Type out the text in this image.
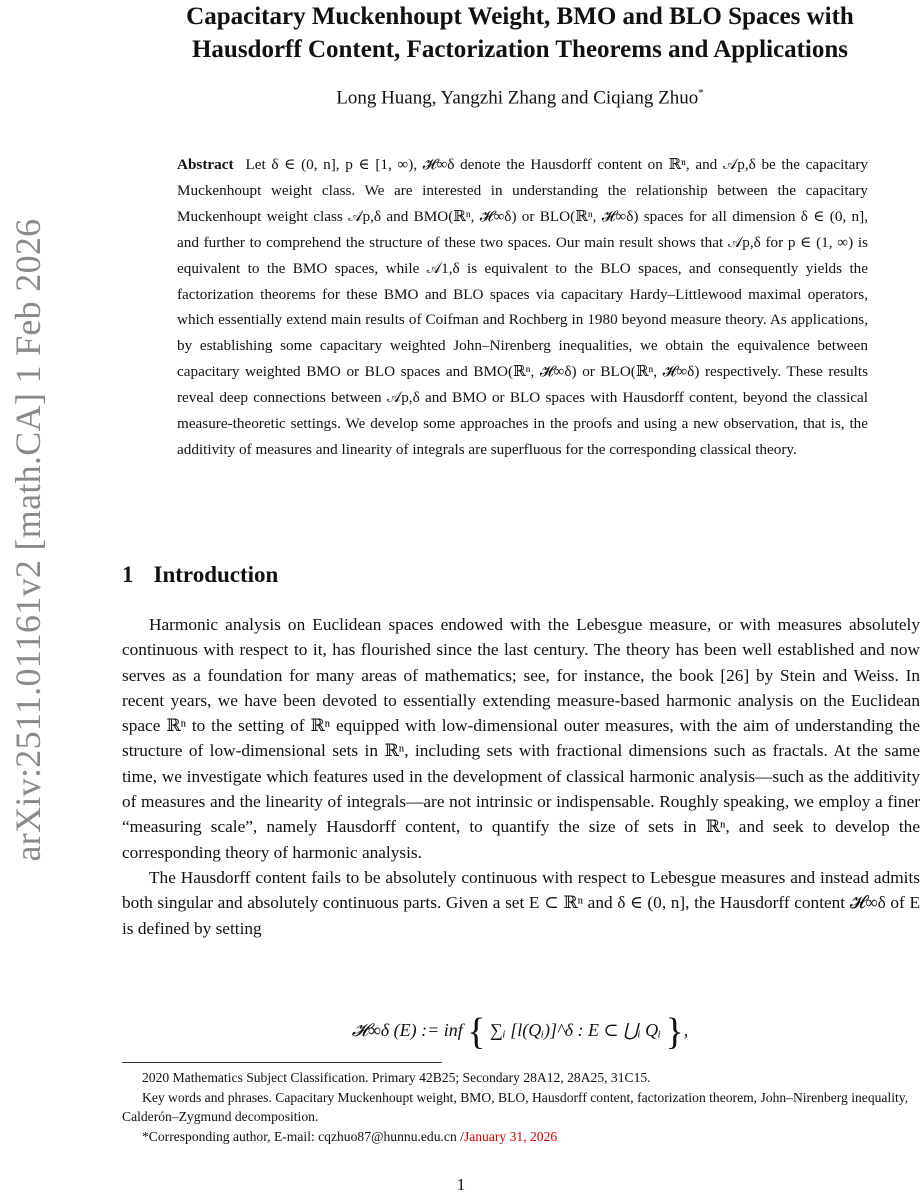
arXiv:2511.01161v2 [math.CA] 1 Feb 2026
Capacitary Muckenhoupt Weight, BMO and BLO Spaces with
Hausdorff Content, Factorization Theorems and Applications
Long Huang, Yangzhi Zhang and Ciqiang Zhuo*
Abstract Let δ ∈ (0, n], p ∈ [1, ∞), 𝓗∞δ denote the Hausdorff content on ℝⁿ, and 𝒜p,δ be the capacitary Muckenhoupt weight class. We are interested in understanding the relationship between the capacitary Muckenhoupt weight class 𝒜p,δ and BMO(ℝⁿ, 𝓗∞δ) or BLO(ℝⁿ, 𝓗∞δ) spaces for all dimension δ ∈ (0, n], and further to comprehend the structure of these two spaces. Our main result shows that 𝒜p,δ for p ∈ (1, ∞) is equivalent to the BMO spaces, while 𝒜1,δ is equivalent to the BLO spaces, and consequently yields the factorization theorems for these BMO and BLO spaces via capacitary Hardy–Littlewood maximal operators, which essentially extend main results of Coifman and Rochberg in 1980 beyond measure theory. As applications, by establishing some capacitary weighted John–Nirenberg inequalities, we obtain the equivalence between capacitary weighted BMO or BLO spaces and BMO(ℝⁿ, 𝓗∞δ) or BLO(ℝⁿ, 𝓗∞δ) respectively. These results reveal deep connections between 𝒜p,δ and BMO or BLO spaces with Hausdorff content, beyond the classical measure-theoretic settings. We develop some approaches in the proofs and using a new observation, that is, the additivity of measures and linearity of integrals are superfluous for the corresponding classical theory.
1 Introduction

Harmonic analysis on Euclidean spaces endowed with the Lebesgue measure, or with measures absolutely continuous with respect to it, has flourished since the last century. The theory has been well established and now serves as a foundation for many areas of mathematics; see, for instance, the book [26] by Stein and Weiss. In recent years, we have been devoted to essentially extending measure-based harmonic analysis on the Euclidean space ℝⁿ to the setting of ℝⁿ equipped with low-dimensional outer measures, with the aim of understanding the structure of low-dimensional sets in ℝⁿ, including sets with fractional dimensions such as fractals. At the same time, we investigate which features used in the development of classical harmonic analysis—such as the additivity of measures and the linearity of integrals—are not intrinsic or indispensable. Roughly speaking, we employ a finer “measuring scale”, namely Hausdorff content, to quantify the size of sets in ℝⁿ, and seek to develop the corresponding theory of harmonic analysis.

The Hausdorff content fails to be absolutely continuous with respect to Lebesgue measures and instead admits both singular and absolutely continuous parts. Given a set E ⊂ ℝⁿ and δ ∈ (0, n], the Hausdorff content 𝓗∞δ of E is defined by setting

𝓗∞δ (E) := inf { ∑ᵢ [l(Qᵢ)]^δ : E ⊂ ⋃ᵢ Qᵢ },

2020 Mathematics Subject Classification. Primary 42B25; Secondary 28A12, 28A25, 31C15.

Key words and phrases. Capacitary Muckenhoupt weight, BMO, BLO, Hausdorff content, factorization theorem, John–Nirenberg inequality, Calderón–Zygmund decomposition.

*Corresponding author, E-mail: cqzhuo87@hunnu.edu.cn /January 31, 2026

1
